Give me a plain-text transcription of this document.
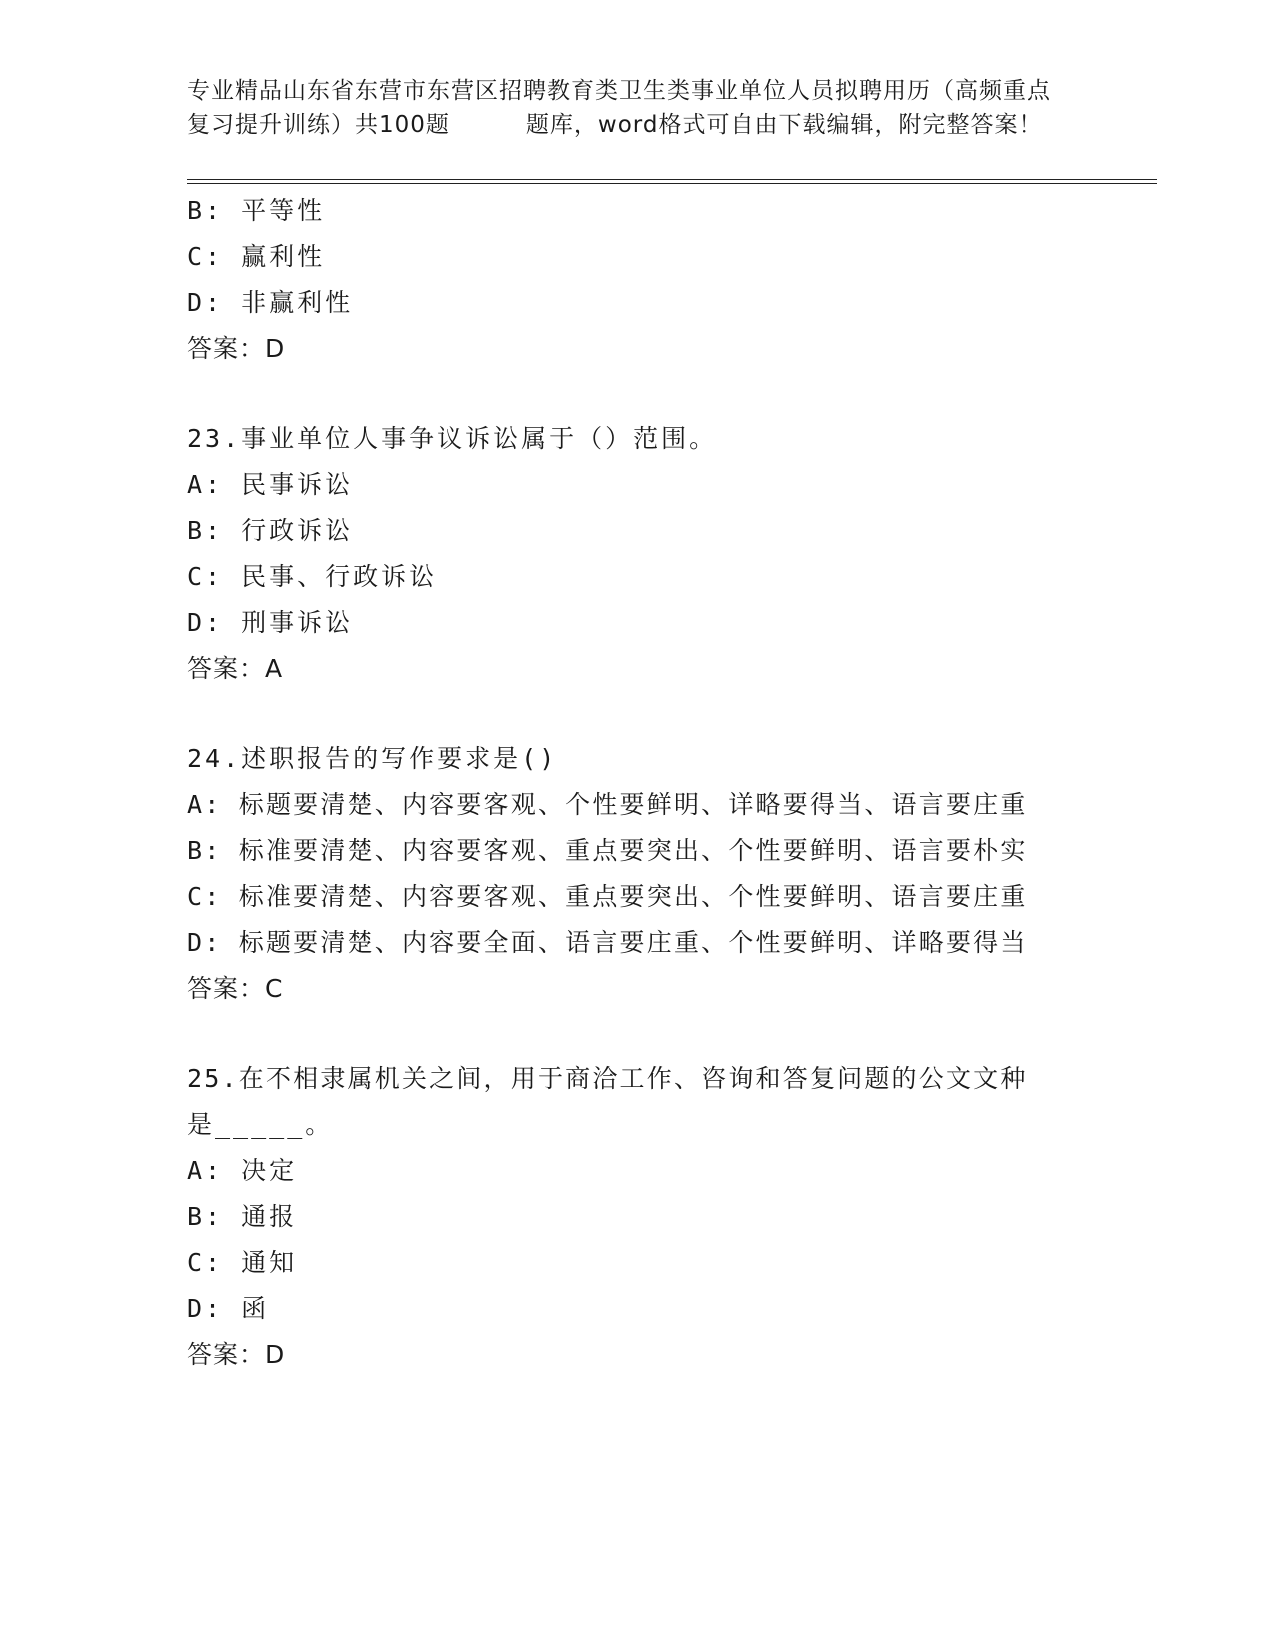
专业精品山东省东营市东营区招聘教育类卫生类事业单位人员拟聘用历（高频重点
复习提升训练）共100题	题库，word格式可自由下载编辑，附完整答案！
B: 平等性
C: 赢利性
D: 非赢利性
答案：D
23.事业单位人事争议诉讼属于（）范围。
A: 民事诉讼
B: 行政诉讼
C: 民事、行政诉讼
D: 刑事诉讼
答案：A
24.述职报告的写作要求是()
A: 标题要清楚、内容要客观、个性要鲜明、详略要得当、语言要庄重
B: 标准要清楚、内容要客观、重点要突出、个性要鲜明、语言要朴实
C: 标准要清楚、内容要客观、重点要突出、个性要鲜明、语言要庄重
D: 标题要清楚、内容要全面、语言要庄重、个性要鲜明、详略要得当
答案：C
25.在不相隶属机关之间，用于商洽工作、咨询和答复问题的公文文种
是_____。
A: 决定
B: 通报
C: 通知
D: 函
答案：D
